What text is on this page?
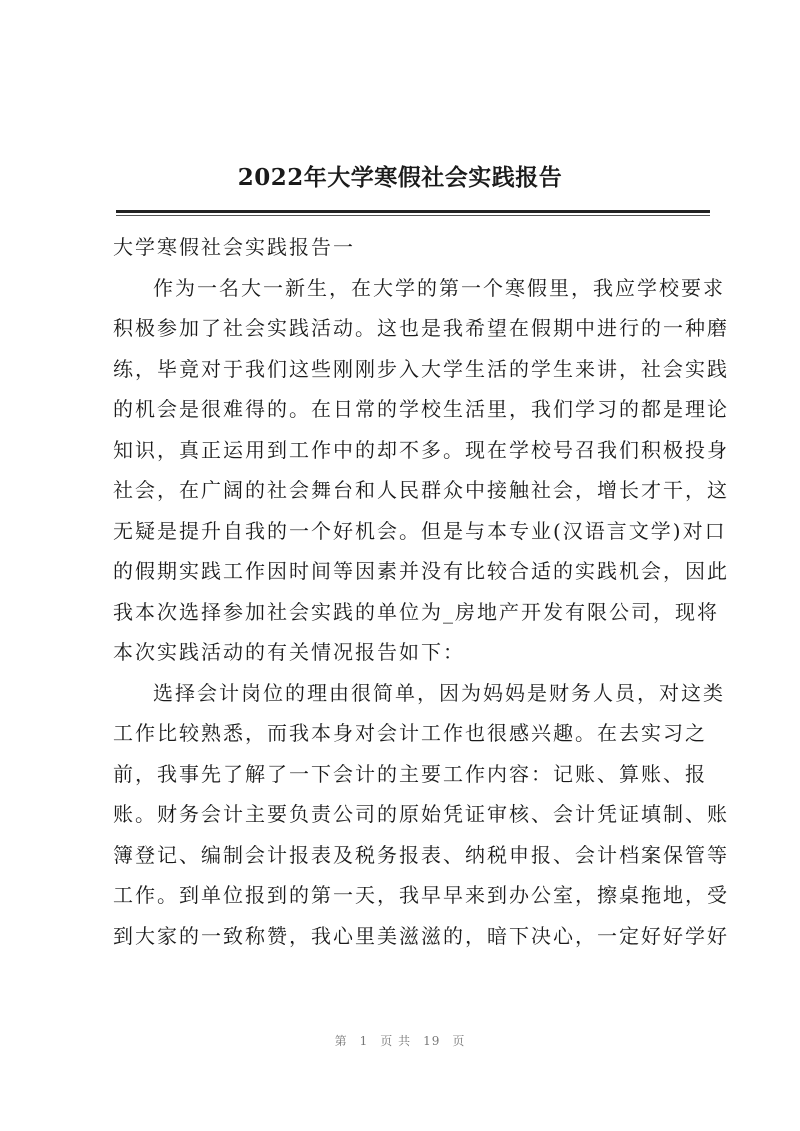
2022年大学寒假社会实践报告
大学寒假社会实践报告一
作为一名大一新生，在大学的第一个寒假里，我应学校要求
积极参加了社会实践活动。这也是我希望在假期中进行的一种磨
练，毕竟对于我们这些刚刚步入大学生活的学生来讲，社会实践
的机会是很难得的。在日常的学校生活里，我们学习的都是理论
知识，真正运用到工作中的却不多。现在学校号召我们积极投身
社会，在广阔的社会舞台和人民群众中接触社会，增长才干，这
无疑是提升自我的一个好机会。但是与本专业(汉语言文学)对口
的假期实践工作因时间等因素并没有比较合适的实践机会，因此
我本次选择参加社会实践的单位为_房地产开发有限公司，现将
本次实践活动的有关情况报告如下：
选择会计岗位的理由很简单，因为妈妈是财务人员，对这类
工作比较熟悉，而我本身对会计工作也很感兴趣。在去实习之
前，我事先了解了一下会计的主要工作内容：记账、算账、报
账。财务会计主要负责公司的原始凭证审核、会计凭证填制、账
簿登记、编制会计报表及税务报表、纳税申报、会计档案保管等
工作。到单位报到的第一天，我早早来到办公室，擦桌拖地，受
到大家的一致称赞，我心里美滋滋的，暗下决心，一定好好学好
第 1 页 共 19 页
